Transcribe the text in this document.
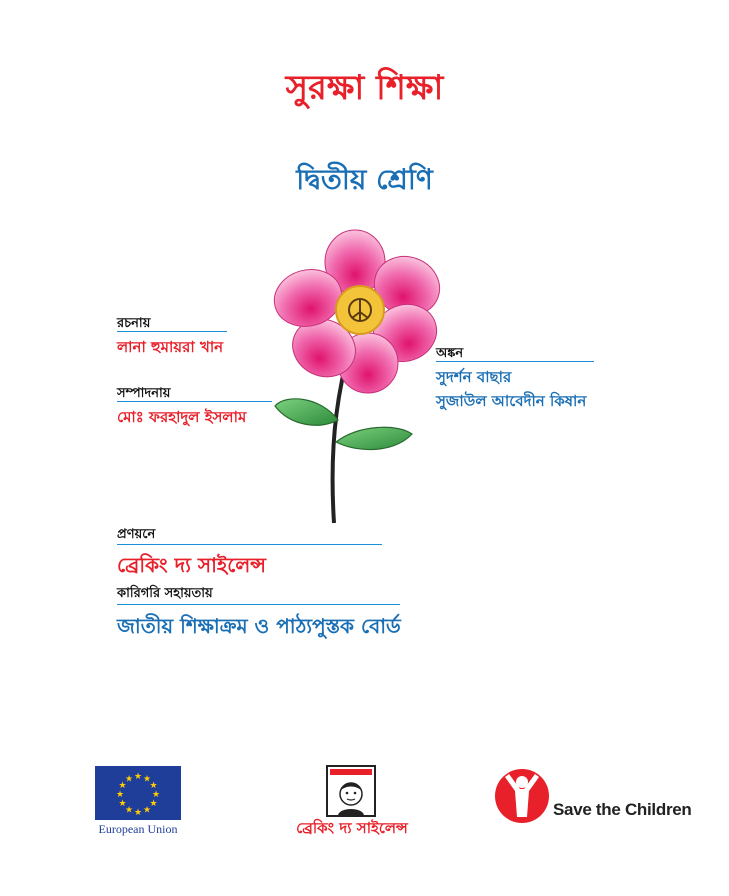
সুরক্ষা শিক্ষা
দ্বিতীয় শ্রেণি
রচনায়
লানা হুমায়রা খান
সম্পাদনায়
মোঃ ফরহাদুল ইসলাম
অঙ্কন
সুদর্শন বাছার
সুজাউল আবেদীন কিষান
প্রণয়নে
ব্রেকিং দ্য সাইলেন্স
কারিগরি সহায়তায়
জাতীয় শিক্ষাক্রম ও পাঠ্যপুস্তক বোর্ড
★ ★
★
★
★
★
★
★
★
★
★
★
European Union	ব্রেকিং দ্য সাইলেন্স
Save the Children
